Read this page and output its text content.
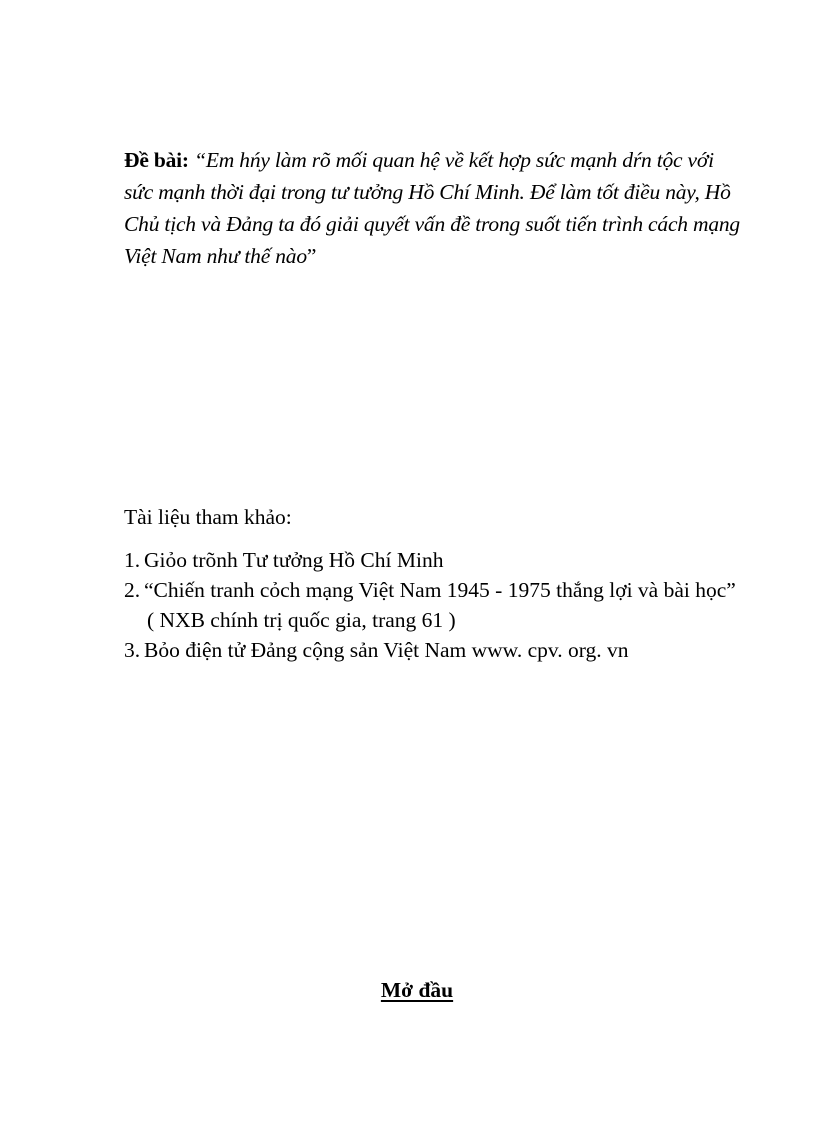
Đề bài: “Em hńy làm rõ mối quan hệ về kết hợp sức mạnh dŕn tộc với sức mạnh thời đại trong tư tưởng Hồ Chí Minh. Để làm tốt điều này, Hồ Chủ tịch và Đảng ta đó giải quyết vấn đề trong suốt tiến trình cách mạng Việt Nam như thế nào”

Tài liệu tham khảo:
1. Giỏo trõnh Tư tưởng Hồ Chí Minh
2. “Chiến tranh cỏch mạng Việt Nam 1945 - 1975 thắng lợi và bài học”
( NXB chính trị quốc gia, trang 61 )
3. Bỏo điện tử Đảng cộng sản Việt Nam www. cpv. org. vn
Mở đầu
